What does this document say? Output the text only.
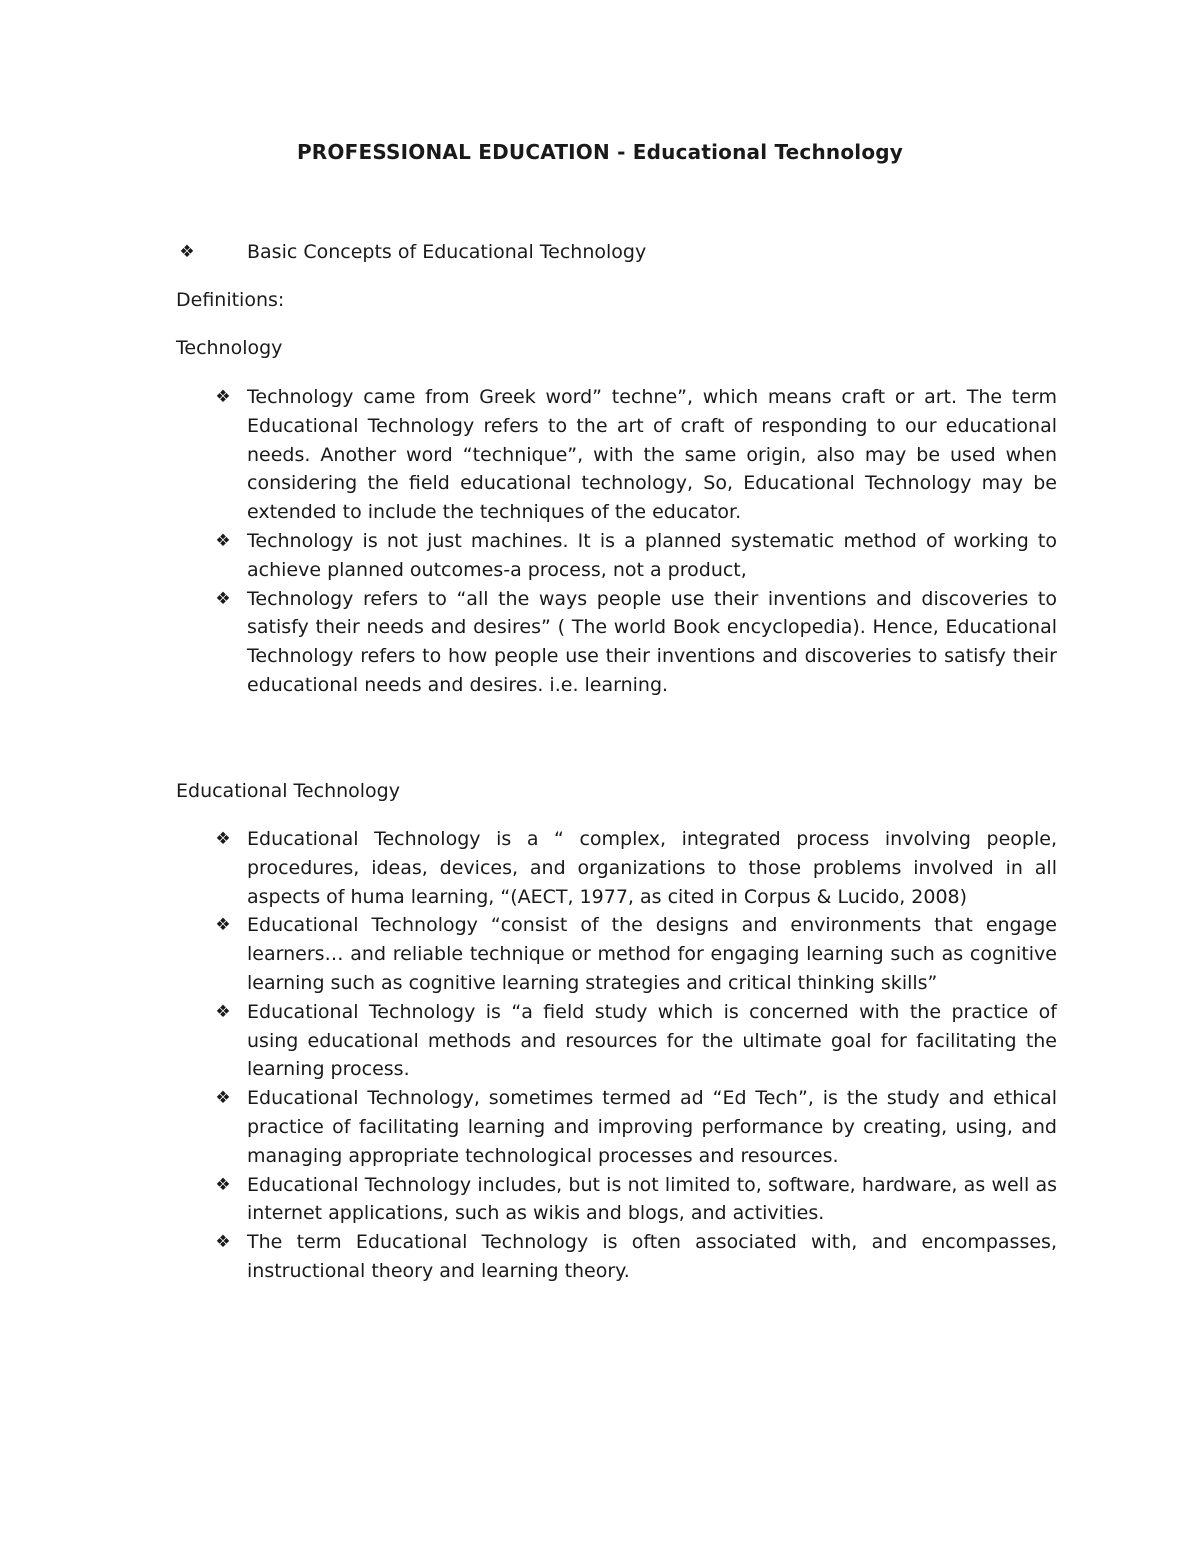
PROFESSIONAL EDUCATION - Educational Technology

❖	Basic Concepts of Educational Technology

Definitions:

Technology

❖ Technology came from Greek word” techne”, which means craft or art. The term Educational Technology refers to the art of craft of responding to our educational needs. Another word “technique”, with the same origin, also may be used when considering the field educational technology, So, Educational Technology may be extended to include the techniques of the educator.
❖ Technology is not just machines. It is a planned systematic method of working to achieve planned outcomes-a process, not a product,
❖ Technology refers to “all the ways people use their inventions and discoveries to satisfy their needs and desires” ( The world Book encyclopedia). Hence, Educational Technology refers to how people use their inventions and discoveries to satisfy their educational needs and desires. i.e. learning.

Educational Technology

❖ Educational Technology is a “ complex, integrated process involving people, procedures, ideas, devices, and organizations to those problems involved in all aspects of huma learning, “(AECT, 1977, as cited in Corpus & Lucido, 2008)
❖ Educational Technology “consist of the designs and environments that engage learners… and reliable technique or method for engaging learning such as cognitive learning such as cognitive learning strategies and critical thinking skills”
❖ Educational Technology is “a field study which is concerned with the practice of using educational methods and resources for the ultimate goal for facilitating the learning process.
❖ Educational Technology, sometimes termed ad “Ed Tech”, is the study and ethical practice of facilitating learning and improving performance by creating, using, and managing appropriate technological processes and resources.
❖ Educational Technology includes, but is not limited to, software, hardware, as well as internet applications, such as wikis and blogs, and activities.
❖ The term Educational Technology is often associated with, and encompasses, instructional theory and learning theory.
